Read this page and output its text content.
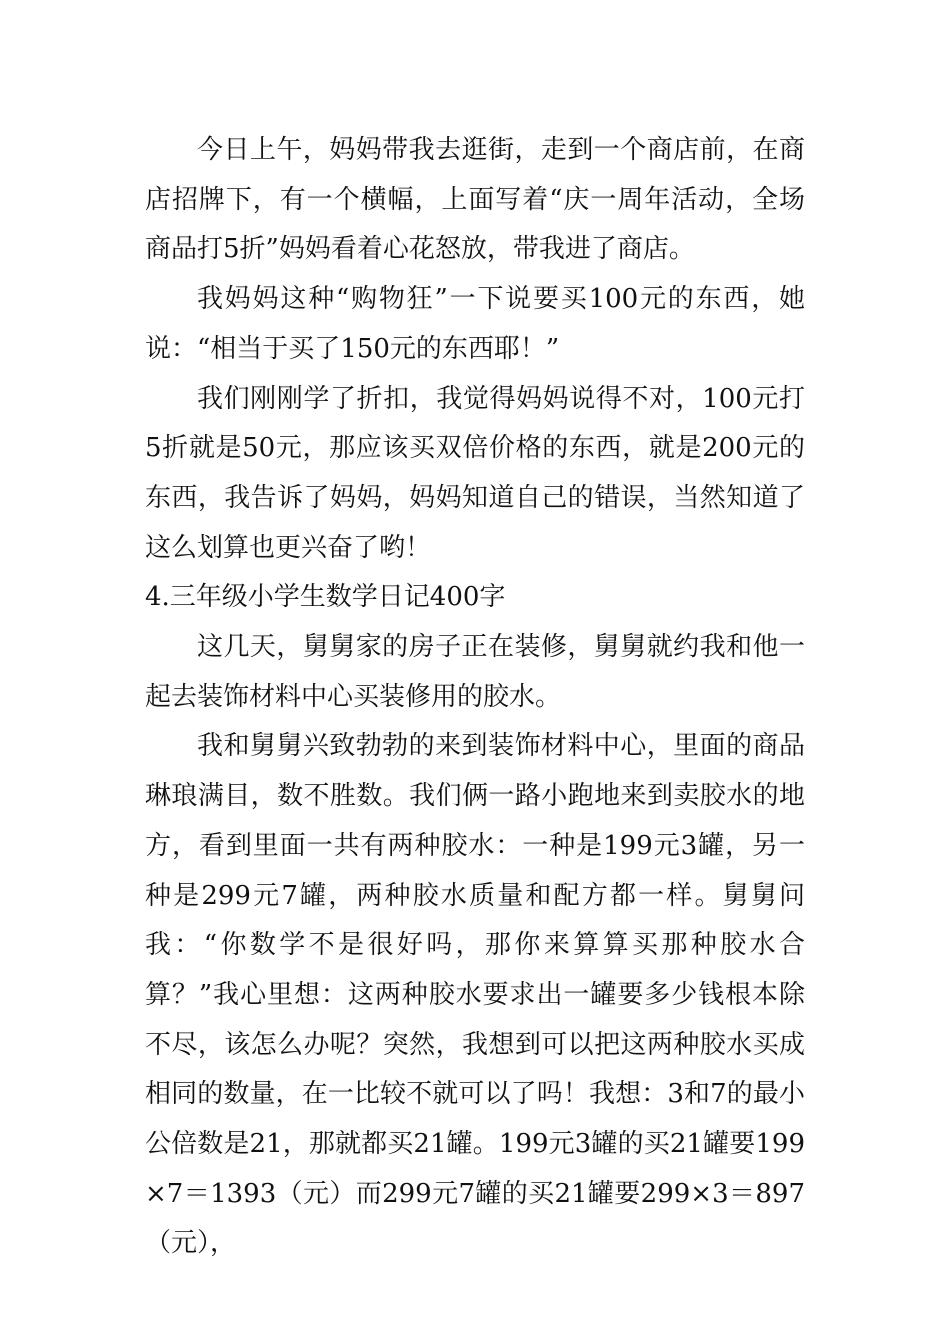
今日上午，妈妈带我去逛街，走到一个商店前，在商店招牌下，有一个横幅，上面写着“庆一周年活动，全场商品打5折”妈妈看着心花怒放，带我进了商店。

我妈妈这种“购物狂”一下说要买100元的东西，她说：“相当于买了150元的东西耶！”

我们刚刚学了折扣，我觉得妈妈说得不对，100元打5折就是50元，那应该买双倍价格的东西，就是200元的东西，我告诉了妈妈，妈妈知道自己的错误，当然知道了这么划算也更兴奋了哟！

4.三年级小学生数学日记400字

这几天，舅舅家的房子正在装修，舅舅就约我和他一起去装饰材料中心买装修用的胶水。

我和舅舅兴致勃勃的来到装饰材料中心，里面的商品琳琅满目，数不胜数。我们俩一路小跑地来到卖胶水的地方，看到里面一共有两种胶水：一种是199元3罐，另一种是299元7罐，两种胶水质量和配方都一样。舅舅问我：“你数学不是很好吗，那你来算算买那种胶水合算？”我心里想：这两种胶水要求出一罐要多少钱根本除不尽，该怎么办呢？突然，我想到可以把这两种胶水买成相同的数量，在一比较不就可以了吗！我想：3和7的最小公倍数是21，那就都买21罐。199元3罐的买21罐要199×7＝1393（元）而299元7罐的买21罐要299×3＝897（元），
